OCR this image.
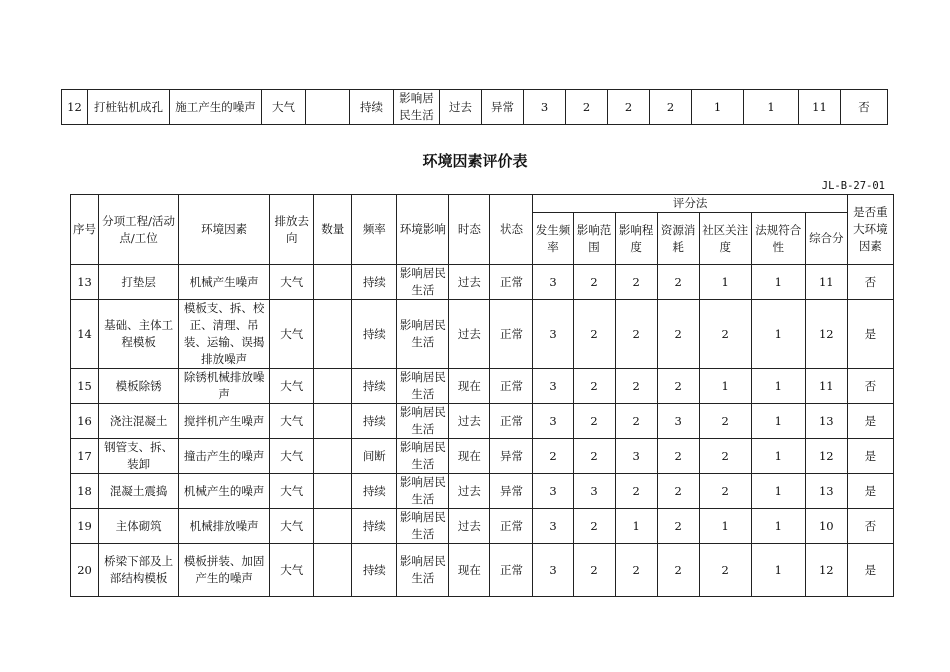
12	打桩钻机成孔	施工产生的噪声	大气		持续	影响居民生活	过去	异常	3	2	2	2	1	1	11	否
环境因素评价表
JL-B-27-01
序号	分项工程/活动点/工位	环境因素	排放去向	数量	频率	环境影响	时态	状态	评分法							是否重大环境因素
									发生频率	影响范围	影响程度	资源消耗	社区关注度	法规符合性	综合分	
13	打垫层	机械产生噪声	大气		持续	影响居民生活	过去	正常	3	2	2	2	1	1	11	否
14	基础、主体工程模板	模板支、拆、校正、清理、吊装、运输、误揭排放噪声	大气		持续	影响居民生活	过去	正常	3	2	2	2	2	1	12	是
15	模板除锈	除锈机械排放噪声	大气		持续	影响居民生活	现在	正常	3	2	2	2	1	1	11	否
16	浇注混凝土	搅拌机产生噪声	大气		持续	影响居民生活	过去	正常	3	2	2	3	2	1	13	是
17	钢管支、拆、装卸	撞击产生的噪声	大气		间断	影响居民生活	现在	异常	2	2	3	2	2	1	12	是
18	混凝土震捣	机械产生的噪声	大气		持续	影响居民生活	过去	异常	3	3	2	2	2	1	13	是
19	主体砌筑	机械排放噪声	大气		持续	影响居民生活	过去	正常	3	2	1	2	1	1	10	否
20	桥梁下部及上部结构模板	模板拼装、加固产生的噪声	大气		持续	影响居民生活	现在	正常	3	2	2	2	2	1	12	是
